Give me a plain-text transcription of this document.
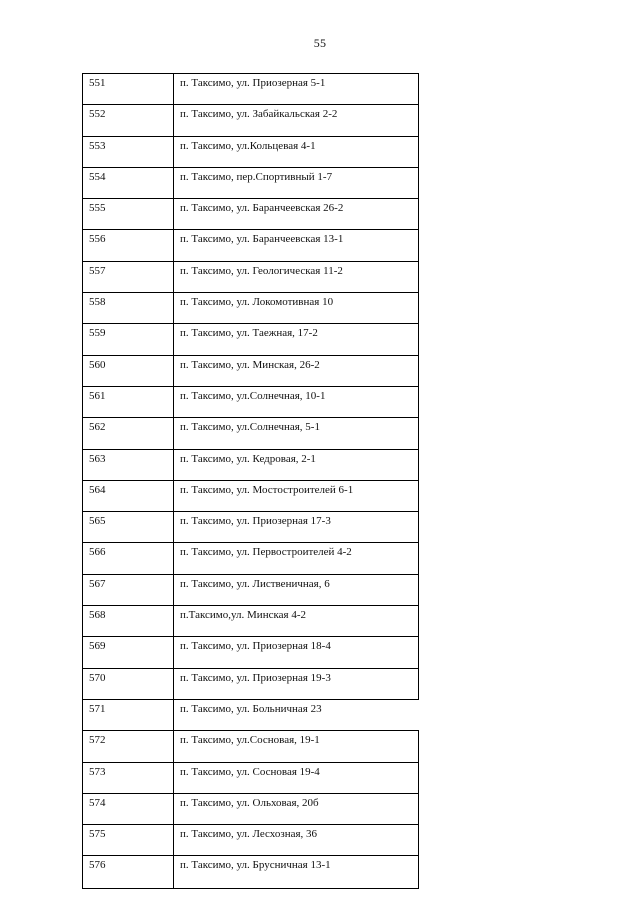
55
551	п. Таксимо, ул. Приозерная 5-1
552	п. Таксимо, ул. Забайкальская 2-2
553	п. Таксимо, ул.Кольцевая 4-1
554	п. Таксимо, пер.Спортивный 1-7
555	п. Таксимо, ул. Баранчеевская 26-2
556	п. Таксимо, ул. Баранчеевская 13-1
557	п. Таксимо, ул. Геологическая 11-2
558	п. Таксимо, ул. Локомотивная 10
559	п. Таксимо, ул. Таежная, 17-2
560	п. Таксимо, ул. Минская, 26-2
561	п. Таксимо, ул.Солнечная, 10-1
562	п. Таксимо, ул.Солнечная, 5-1
563	п. Таксимо, ул. Кедровая, 2-1
564	п. Таксимо, ул. Мостостроителей 6-1
565	п. Таксимо, ул. Приозерная 17-3
566	п. Таксимо, ул. Первостроителей 4-2
567	п. Таксимо, ул. Лиственичная, 6
568	п.Таксимо,ул. Минская 4-2
569	п. Таксимо, ул. Приозерная 18-4
570	п. Таксимо, ул. Приозерная 19-3
571	п. Таксимо, ул. Больничная 23
572	п. Таксимо, ул.Сосновая, 19-1
573	п. Таксимо, ул. Сосновая 19-4
574	п. Таксимо, ул. Ольховая, 20б
575	п. Таксимо, ул. Лесхозная, 36
576	п. Таксимо, ул. Брусничная 13-1
